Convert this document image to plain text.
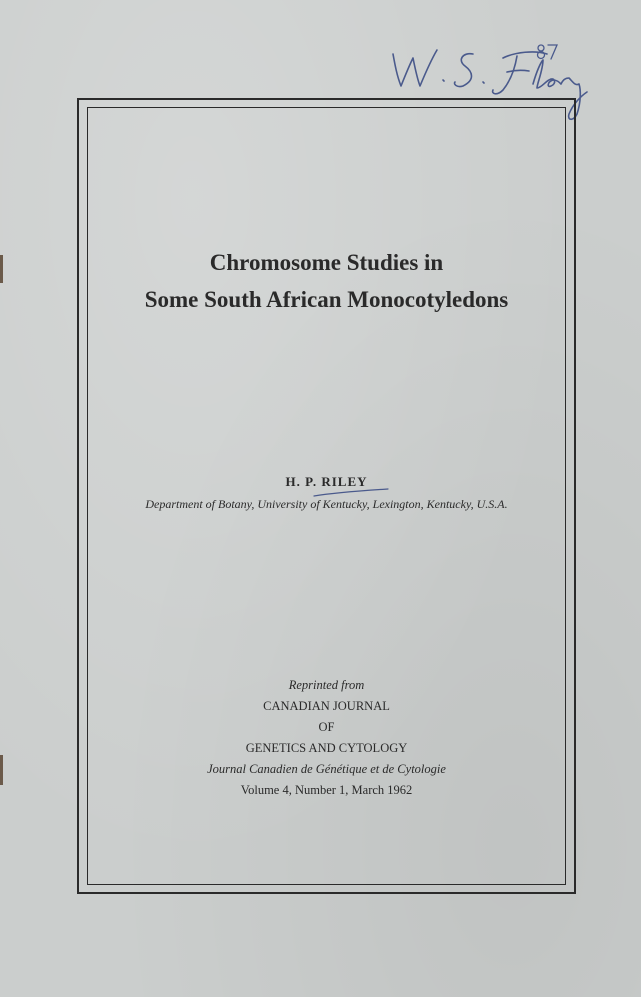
Chromosome Studies in
Some South African Monocotyledons
H. P. RILEY
Department of Botany, University of Kentucky, Lexington, Kentucky, U.S.A.
Reprinted from
CANADIAN JOURNAL
OF
GENETICS AND CYTOLOGY
Journal Canadien de Génétique et de Cytologie
Volume 4, Number 1, March 1962
